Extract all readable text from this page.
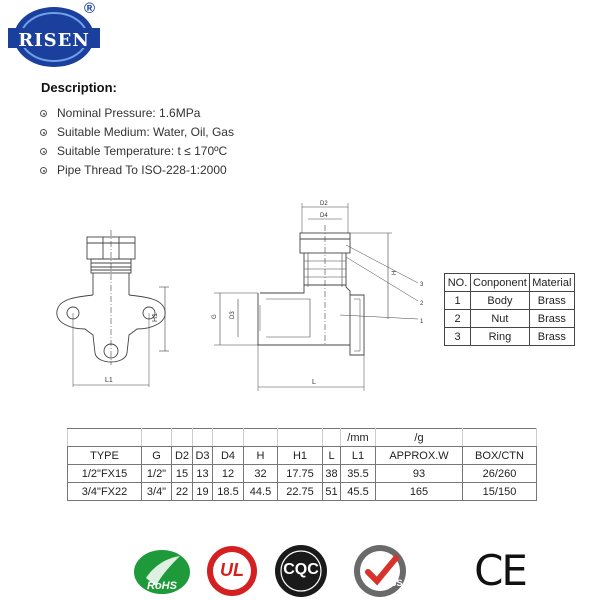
RISEN
®
Description:
Nominal Pressure: 1.6MPa
Suitable Medium: Water, Oil, Gas
Suitable Temperature: t ≤ 170ºC
Pipe Thread To ISO-228-1:2000
H1
L1
D2
D4
G D3
H
L
3
2
1
NO.	Conponent	Material
1	Body	Brass
2	Nut	Brass
3	Ring	Brass
								/mm	/g	
TYPE	G	D2	D3	D4	H	H1	L	L1	APPROX.W	BOX/CTN
1/2"FX15	1/2"	15	13	12	32	17.75	38	35.5	93	26/260
3/4"FX22	3/4"	22	19	18.5	44.5	22.75	51	45.5	165	15/150
RoHS
UL	CQC
SGS CE
